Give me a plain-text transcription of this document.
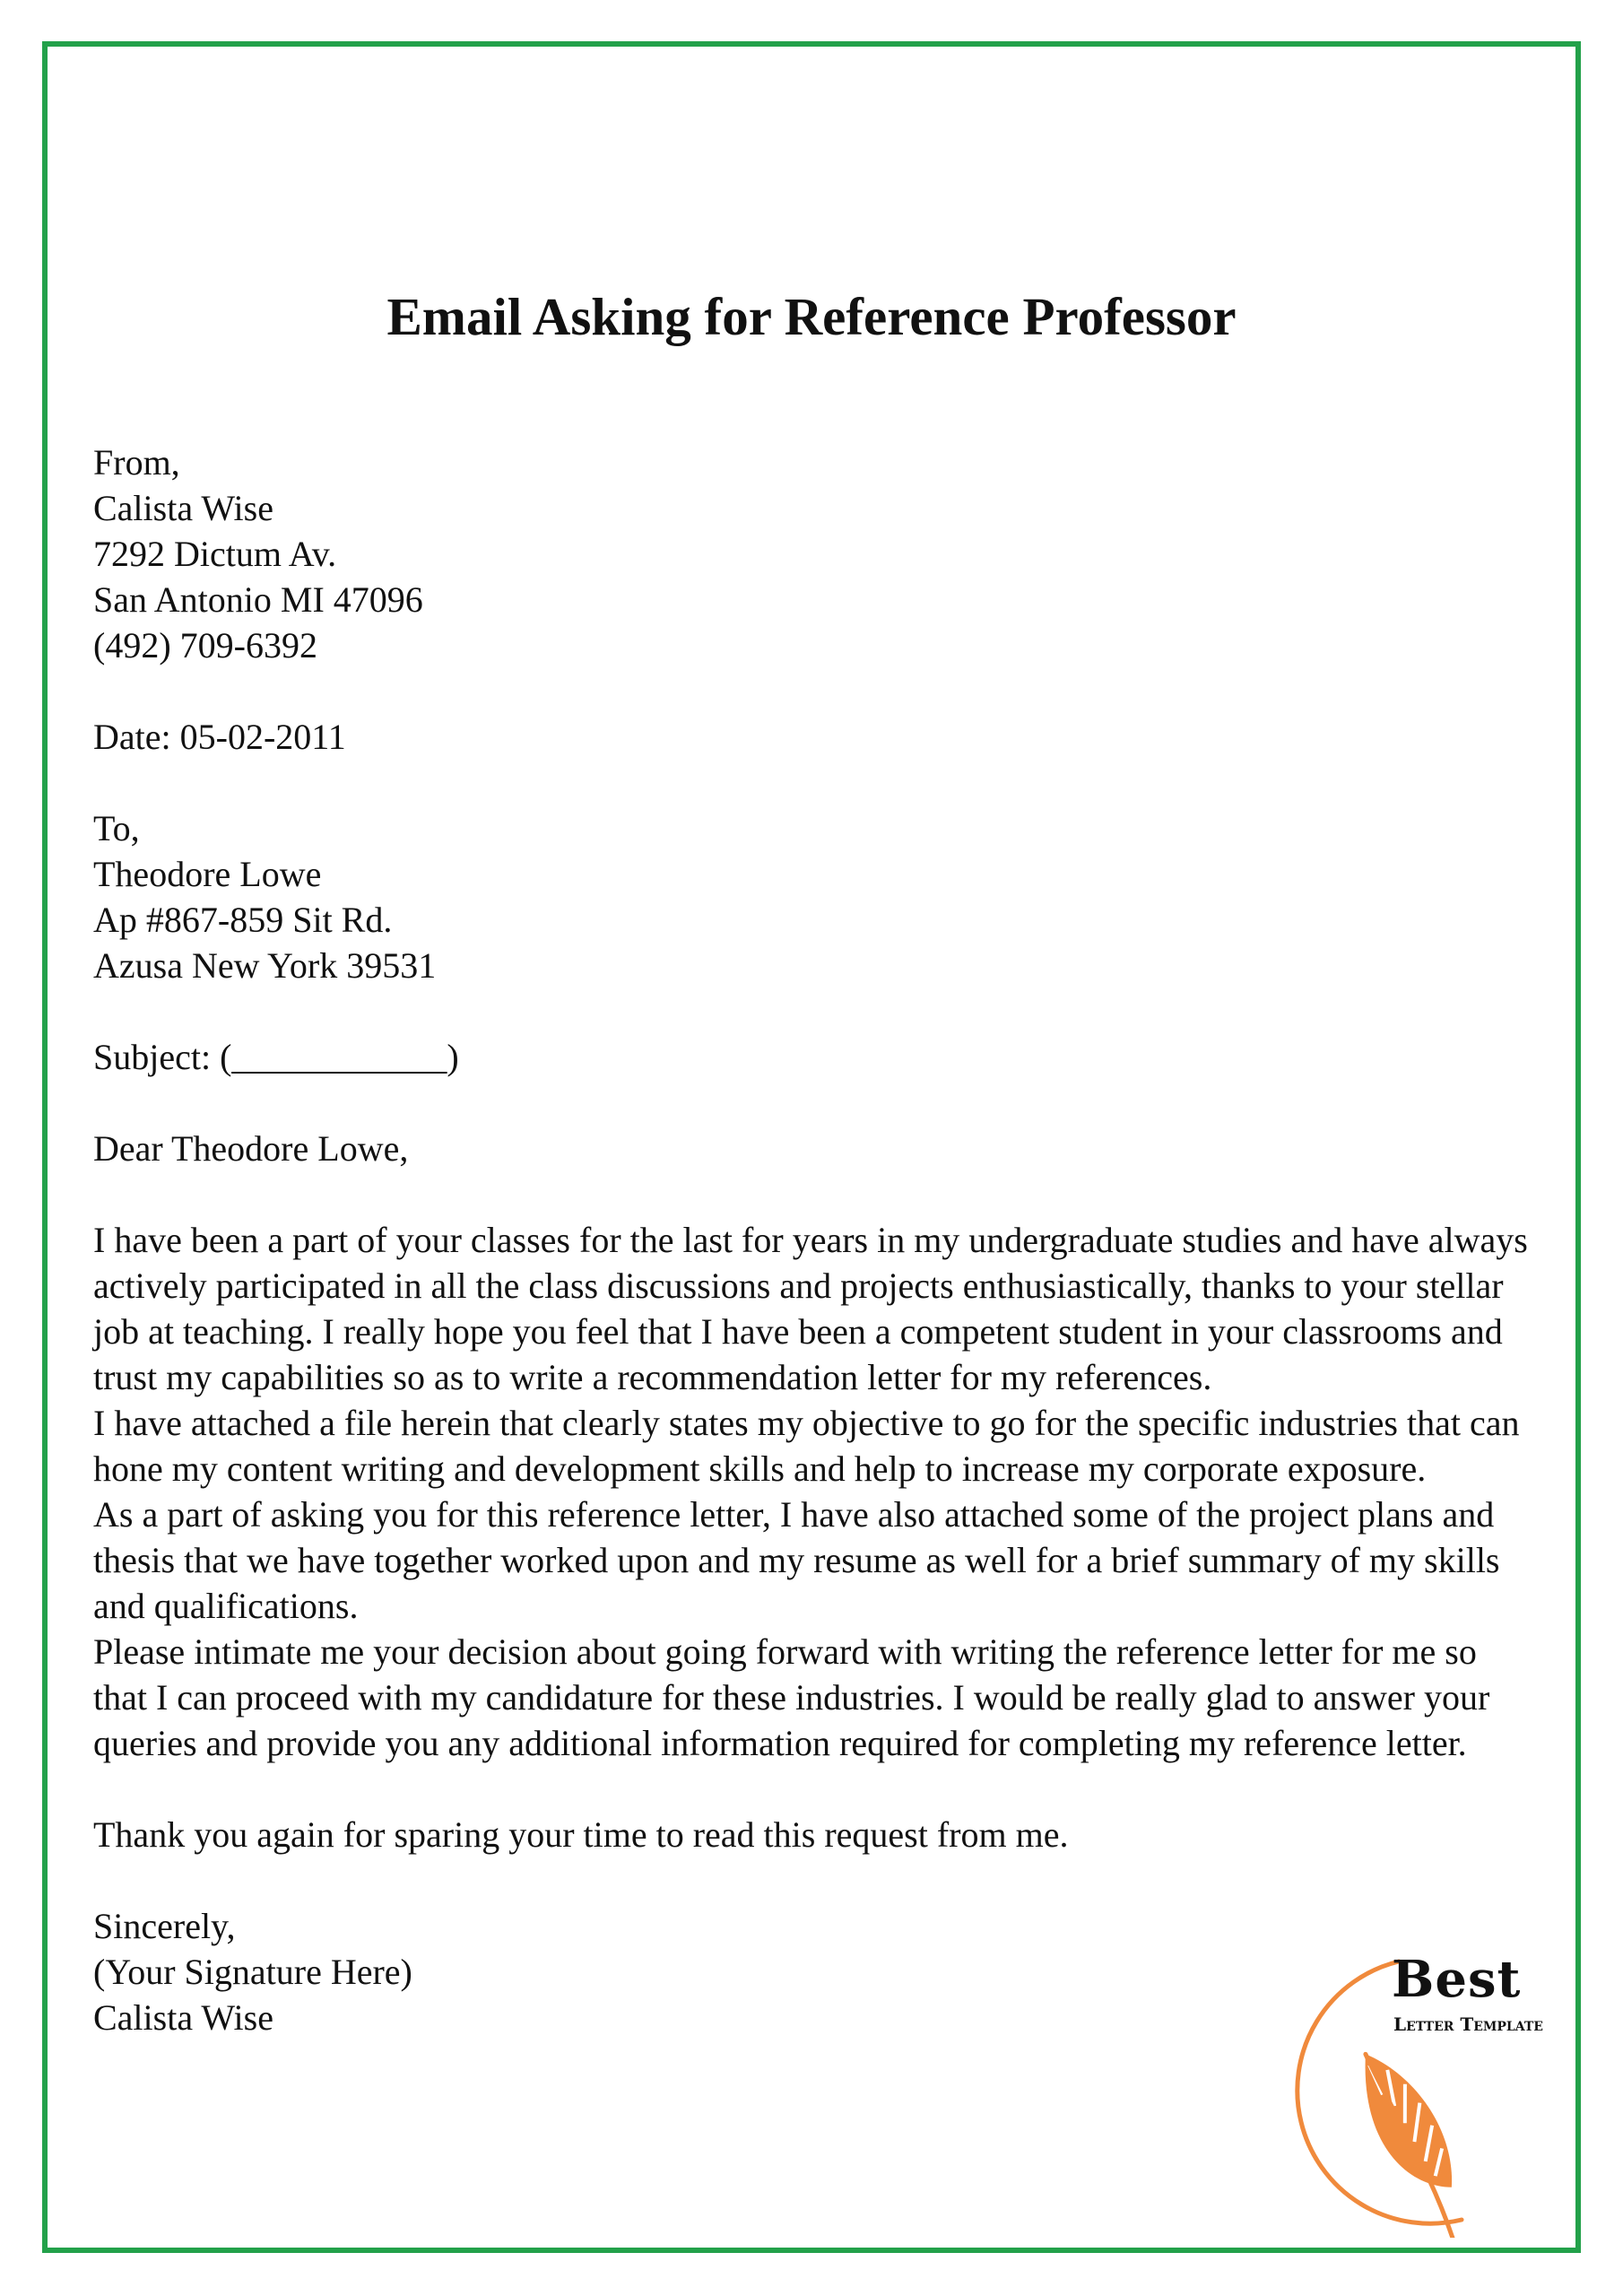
Email Asking for Reference Professor
From,
Calista Wise
7292 Dictum Av.
San Antonio MI 47096
(492) 709-6392
Date: 05-02-2011
To,
Theodore Lowe
Ap #867-859 Sit Rd.
Azusa New York 39531
Subject: (____________)
Dear Theodore Lowe,

I have been a part of your classes for the last for years in my undergraduate studies and have always actively participated in all the class discussions and projects enthusiastically, thanks to your stellar job at teaching. I really hope you feel that I have been a competent student in your classrooms and trust my capabilities so as to write a recommendation letter for my references.

I have attached a file herein that clearly states my objective to go for the specific industries that can hone my content writing and development skills and help to increase my corporate exposure.

As a part of asking you for this reference letter, I have also attached some of the project plans and thesis that we have together worked upon and my resume as well for a brief summary of my skills and qualifications.

Please intimate me your decision about going forward with writing the reference letter for me so that I can proceed with my candidature for these industries. I would be really glad to answer your queries and provide you any additional information required for completing my reference letter.

Thank you again for sparing your time to read this request from me.
Sincerely,
(Your Signature Here)
Calista Wise
Best
Letter Template
